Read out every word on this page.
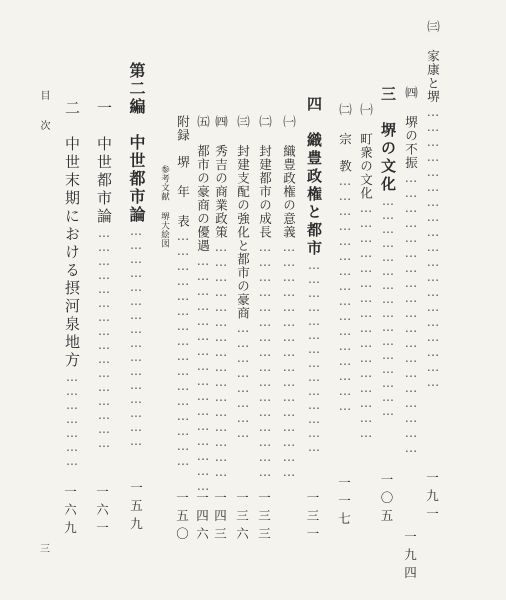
㈢ 家康と堺…………………………………………………
一九一
㈣ 堺の不振…………………………………………………
一九四
三　堺の文化…………………………………………
一〇五
㈠ 町衆の文化…………………………………………
㈡ 宗　教…………………………………………
一一七
四　織豊政権と都市……………………………………
一三一
㈠ 織豊政権の意義…………………………………………
㈡ 封建都市の成長…………………………………………
一三三
㈢ 封建支配の強化と都市の豪商……………………
一三六
㈣ 秀吉の商業政策…………………………………………
一四三
㈤ 都市の豪商の優遇…………………………………………
一四六
附録　堺 年 表…………………………………………
一五〇
参考文献
堺大絵図
第二編　中世都市論…………………………………………
一五九
一　中世都市論…………………………………………
一六一
二　中世末期における摂河泉地方…………………
一六九
目
次
三
